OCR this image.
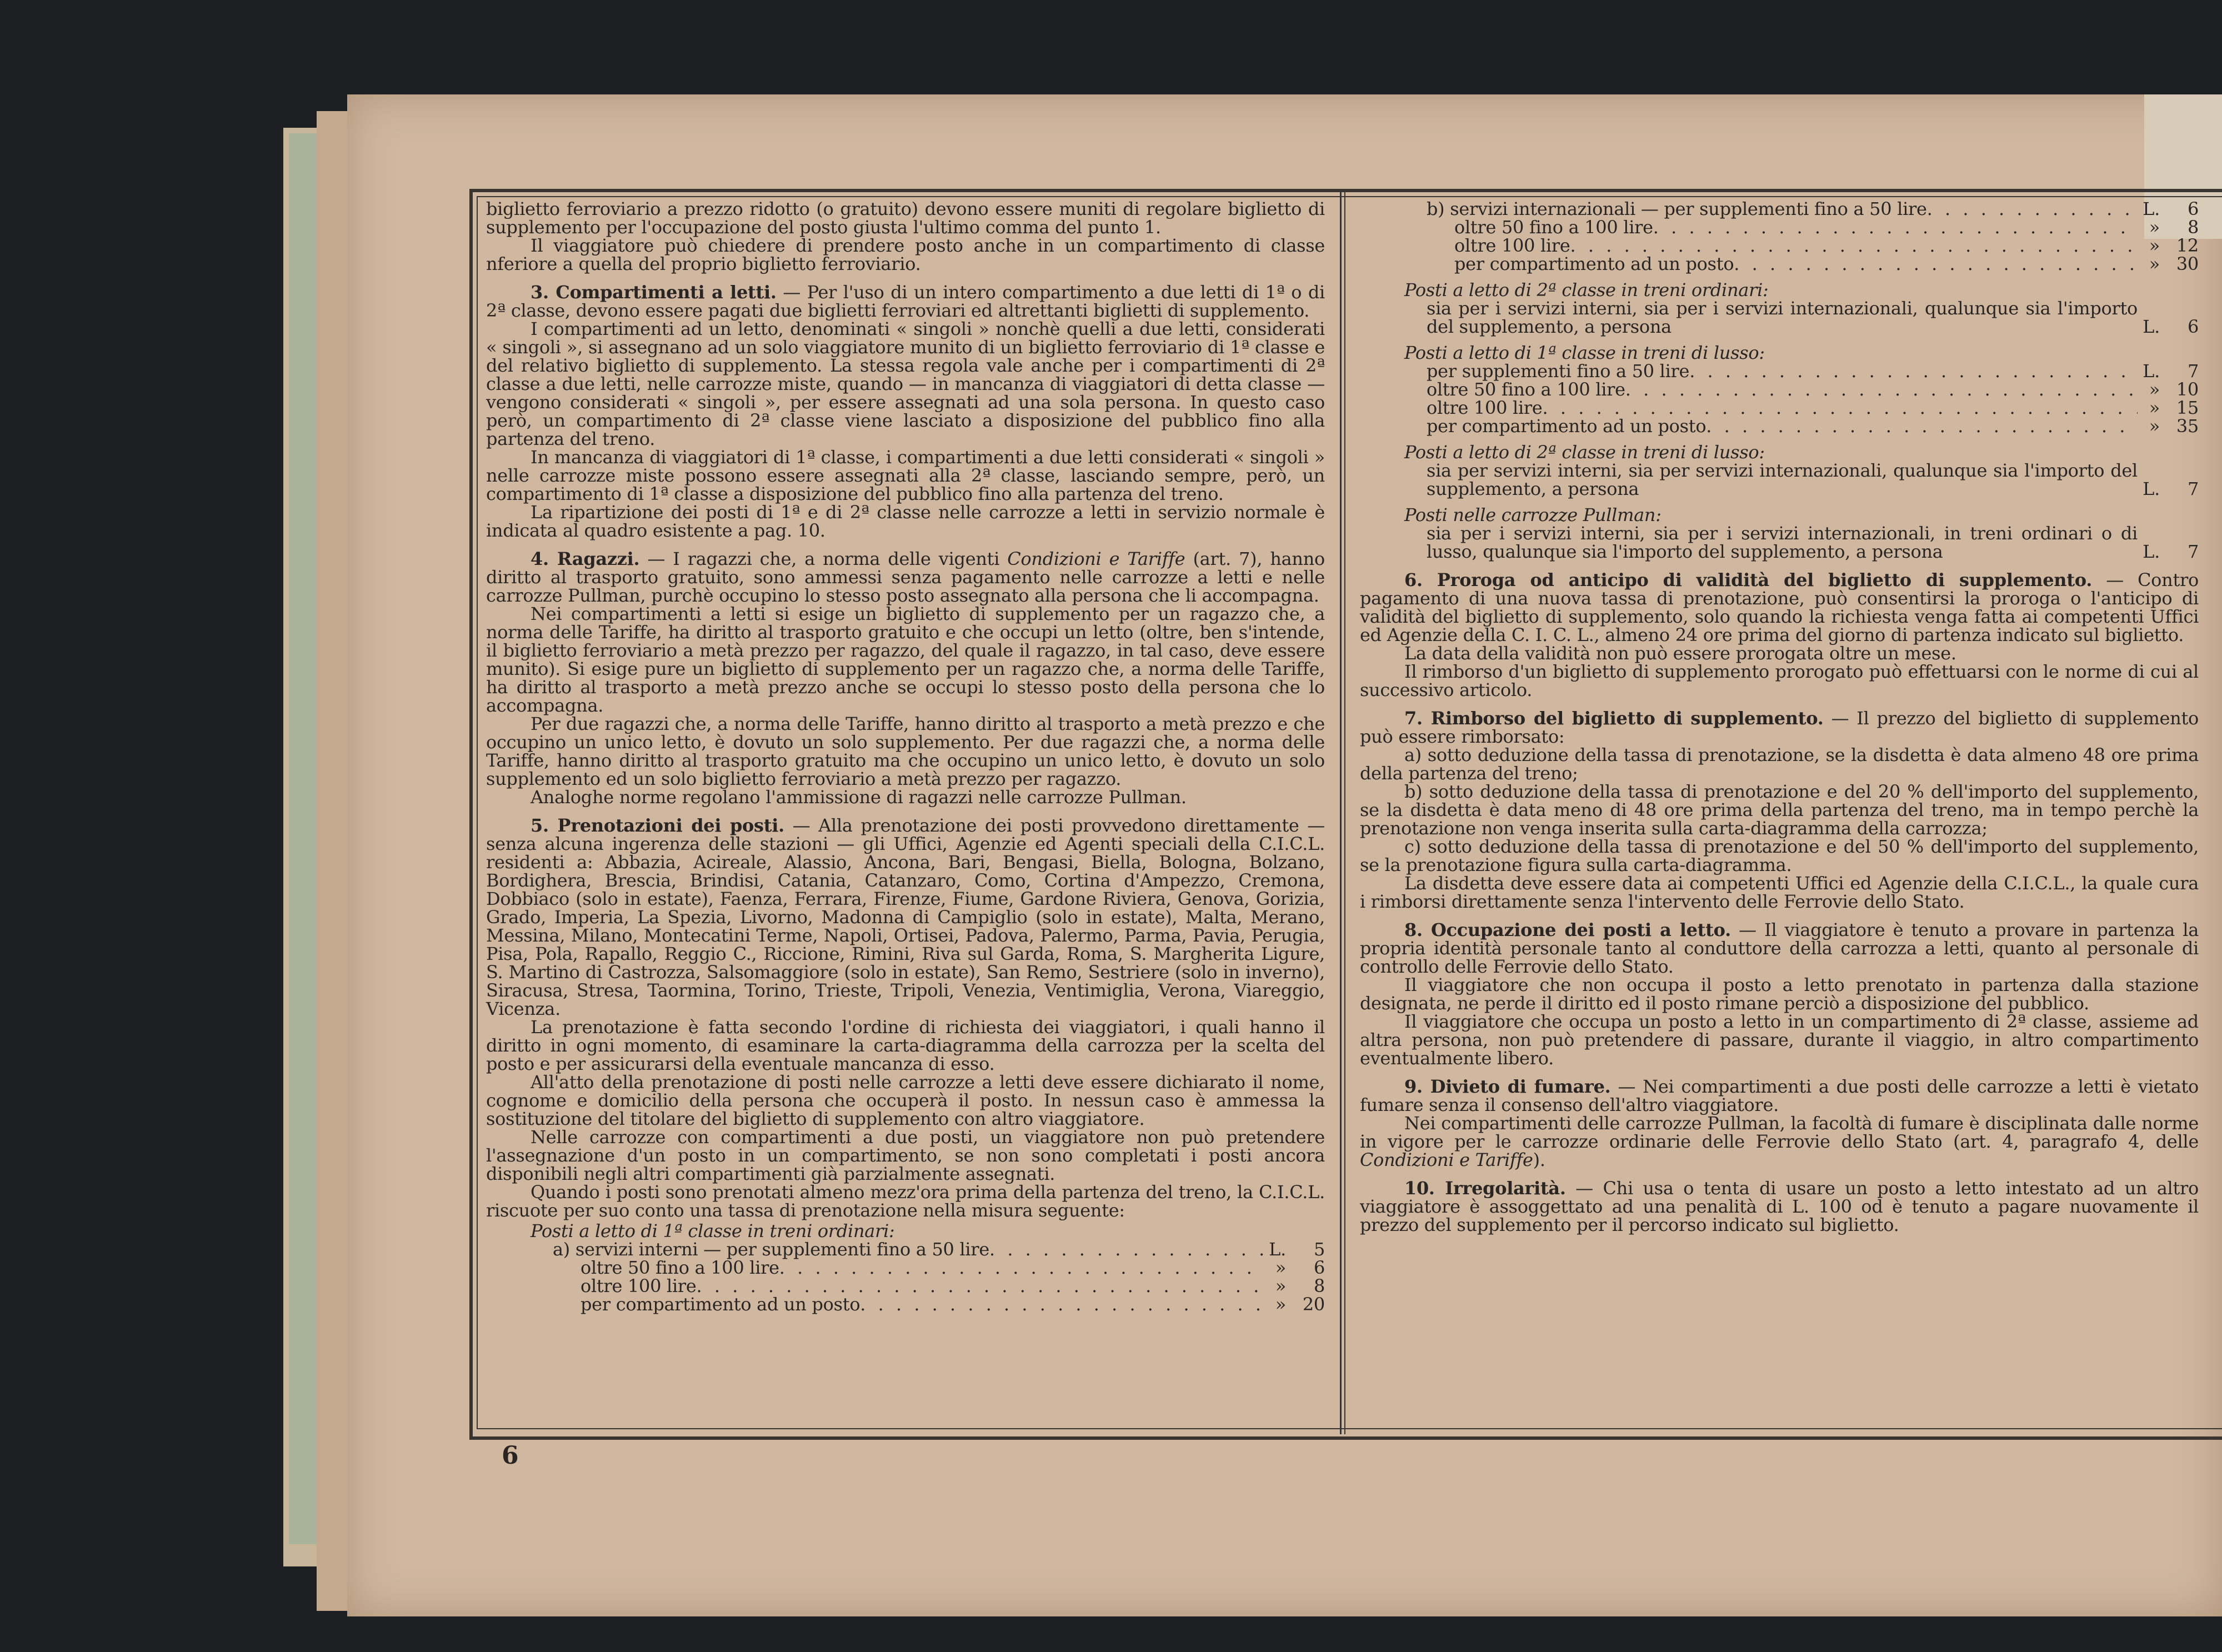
biglietto ferroviario a prezzo ridotto (o gratuito) devono essere muniti di regolare biglietto di supplemento per l'occupazione del posto giusta l'ultimo comma del punto 1.

Il viaggiatore può chiedere di prendere posto anche in un compartimento di classe nferiore a quella del proprio biglietto ferroviario.

3. Compartimenti a letti. — Per l'uso di un intero compartimento a due letti di 1ª o di 2ª classe, devono essere pagati due biglietti ferroviari ed altrettanti biglietti di supplemento.

I compartimenti ad un letto, denominati « singoli » nonchè quelli a due letti, considerati « singoli », si assegnano ad un solo viaggiatore munito di un biglietto ferroviario di 1ª classe e del relativo biglietto di supplemento. La stessa regola vale anche per i compartimenti di 2ª classe a due letti, nelle carrozze miste, quando — in mancanza di viaggiatori di detta classe — vengono considerati « singoli », per essere assegnati ad una sola persona. In questo caso però, un compartimento di 2ª classe viene lasciato a disposizione del pubblico fino alla partenza del treno.

In mancanza di viaggiatori di 1ª classe, i compartimenti a due letti considerati « singoli » nelle carrozze miste possono essere assegnati alla 2ª classe, lasciando sempre, però, un compartimento di 1ª classe a disposizione del pubblico fino alla partenza del treno.

La ripartizione dei posti di 1ª e di 2ª classe nelle carrozze a letti in servizio normale è indicata al quadro esistente a pag. 10.

4. Ragazzi. — I ragazzi che, a norma delle vigenti Condizioni e Tariffe (art. 7), hanno diritto al trasporto gratuito, sono ammessi senza pagamento nelle carrozze a letti e nelle carrozze Pullman, purchè occupino lo stesso posto assegnato alla persona che li accompagna.

Nei compartimenti a letti si esige un biglietto di supplemento per un ragazzo che, a norma delle Tariffe, ha diritto al trasporto gratuito e che occupi un letto (oltre, ben s'intende, il biglietto ferroviario a metà prezzo per ragazzo, del quale il ragazzo, in tal caso, deve essere munito). Si esige pure un biglietto di supplemento per un ragazzo che, a norma delle Tariffe, ha diritto al trasporto a metà prezzo anche se occupi lo stesso posto della persona che lo accompagna.

Per due ragazzi che, a norma delle Tariffe, hanno diritto al trasporto a metà prezzo e che occupino un unico letto, è dovuto un solo supplemento. Per due ragazzi che, a norma delle Tariffe, hanno diritto al trasporto gratuito ma che occupino un unico letto, è dovuto un solo supplemento ed un solo biglietto ferroviario a metà prezzo per ragazzo.

Analoghe norme regolano l'ammissione di ragazzi nelle carrozze Pullman.

5. Prenotazioni dei posti. — Alla prenotazione dei posti provvedono direttamente — senza alcuna ingerenza delle stazioni — gli Uffici, Agenzie ed Agenti speciali della C.I.C.L. residenti a: Abbazia, Acireale, Alassio, Ancona, Bari, Bengasi, Biella, Bologna, Bolzano, Bordighera, Brescia, Brindisi, Catania, Catanzaro, Como, Cortina d'Ampezzo, Cremona, Dobbiaco (solo in estate), Faenza, Ferrara, Firenze, Fiume, Gardone Riviera, Genova, Gorizia, Grado, Imperia, La Spezia, Livorno, Madonna di Campiglio (solo in estate), Malta, Merano, Messina, Milano, Montecatini Terme, Napoli, Ortisei, Padova, Palermo, Parma, Pavia, Perugia, Pisa, Pola, Rapallo, Reggio C., Riccione, Rimini, Riva sul Garda, Roma, S. Margherita Ligure, S. Martino di Castrozza, Salsomaggiore (solo in estate), San Remo, Sestriere (solo in inverno), Siracusa, Stresa, Taormina, Torino, Trieste, Tripoli, Venezia, Ventimiglia, Verona, Viareggio, Vicenza.

La prenotazione è fatta secondo l'ordine di richiesta dei viaggiatori, i quali hanno il diritto in ogni momento, di esaminare la carta-diagramma della carrozza per la scelta del posto e per assicurarsi della eventuale mancanza di esso.

All'atto della prenotazione di posti nelle carrozze a letti deve essere dichiarato il nome, cognome e domicilio della persona che occuperà il posto. In nessun caso è ammessa la sostituzione del titolare del biglietto di supplemento con altro viaggiatore.

Nelle carrozze con compartimenti a due posti, un viaggiatore non può pretendere l'assegnazione d'un posto in un compartimento, se non sono completati i posti ancora disponibili negli altri compartimenti già parzialmente assegnati.

Quando i posti sono prenotati almeno mezz'ora prima della partenza del treno, la C.I.C.L. riscuote per suo conto una tassa di prenotazione nella misura seguente:

Posti a letto di 1ª classe in treni ordinari:

a) servizi interni — per supplementi fino a 50 lire . . .	L.	5
oltre 50 fino a 100 lire . . .	»	6
oltre 100 lire . . .	»	8
per compartimento ad un posto . . .	» 20
b) servizi internazionali — per supplementi fino a 50 lire . . .	L.	6
oltre 50 fino a 100 lire . . .	»	8
oltre 100 lire . . .	» 12
per compartimento ad un posto . . .	» 30

Posti a letto di 2ª classe in treni ordinari:

sia per i servizi interni, sia per i servizi internazionali, qualunque sia l'importo del supplemento, a persona	L.	6

Posti a letto di 1ª classe in treni di lusso:

per supplementi fino a 50 lire . . .	L.	7
oltre 50 fino a 100 lire . . .	» 10
oltre 100 lire . . .	» 15
per compartimento ad un posto . . .	» 35

Posti a letto di 2ª classe in treni di lusso:

sia per servizi interni, sia per servizi internazionali, qualunque sia l'importo del supplemento, a persona	L.	7

Posti nelle carrozze Pullman:

sia per i servizi interni, sia per i servizi internazionali, in treni ordinari o di lusso, qualunque sia l'importo del supplemento, a persona	L.	7

6. Proroga od anticipo di validità del biglietto di supplemento. — Contro pagamento di una nuova tassa di prenotazione, può consentirsi la proroga o l'anticipo di validità del biglietto di supplemento, solo quando la richiesta venga fatta ai competenti Uffici ed Agenzie della C. I. C. L., almeno 24 ore prima del giorno di partenza indicato sul biglietto.

La data della validità non può essere prorogata oltre un mese.

Il rimborso d'un biglietto di supplemento prorogato può effettuarsi con le norme di cui al successivo articolo.

7. Rimborso del biglietto di supplemento. — Il prezzo del biglietto di supplemento può essere rimborsato:

a) sotto deduzione della tassa di prenotazione, se la disdetta è data almeno 48 ore prima della partenza del treno;

b) sotto deduzione della tassa di prenotazione e del 20 % dell'importo del supplemento, se la disdetta è data meno di 48 ore prima della partenza del treno, ma in tempo perchè la prenotazione non venga inserita sulla carta-diagramma della carrozza;

c) sotto deduzione della tassa di prenotazione e del 50 % dell'importo del supplemento, se la prenotazione figura sulla carta-diagramma.

La disdetta deve essere data ai competenti Uffici ed Agenzie della C.I.C.L., la quale cura i rimborsi direttamente senza l'intervento delle Ferrovie dello Stato.

8. Occupazione dei posti a letto. — Il viaggiatore è tenuto a provare in partenza la propria identità personale tanto al conduttore della carrozza a letti, quanto al personale di controllo delle Ferrovie dello Stato.

Il viaggiatore che non occupa il posto a letto prenotato in partenza dalla stazione designata, ne perde il diritto ed il posto rimane perciò a disposizione del pubblico.

Il viaggiatore che occupa un posto a letto in un compartimento di 2ª classe, assieme ad altra persona, non può pretendere di passare, durante il viaggio, in altro compartimento eventualmente libero.

9. Divieto di fumare. — Nei compartimenti a due posti delle carrozze a letti è vietato fumare senza il consenso dell'altro viaggiatore.

Nei compartimenti delle carrozze Pullman, la facoltà di fumare è disciplinata dalle norme in vigore per le carrozze ordinarie delle Ferrovie dello Stato (art. 4, paragrafo 4, delle Condizioni e Tariffe).

10. Irregolarità. — Chi usa o tenta di usare un posto a letto intestato ad un altro viaggiatore è assoggettato ad una penalità di L. 100 od è tenuto a pagare nuovamente il prezzo del supplemento per il percorso indicato sul biglietto.

6
